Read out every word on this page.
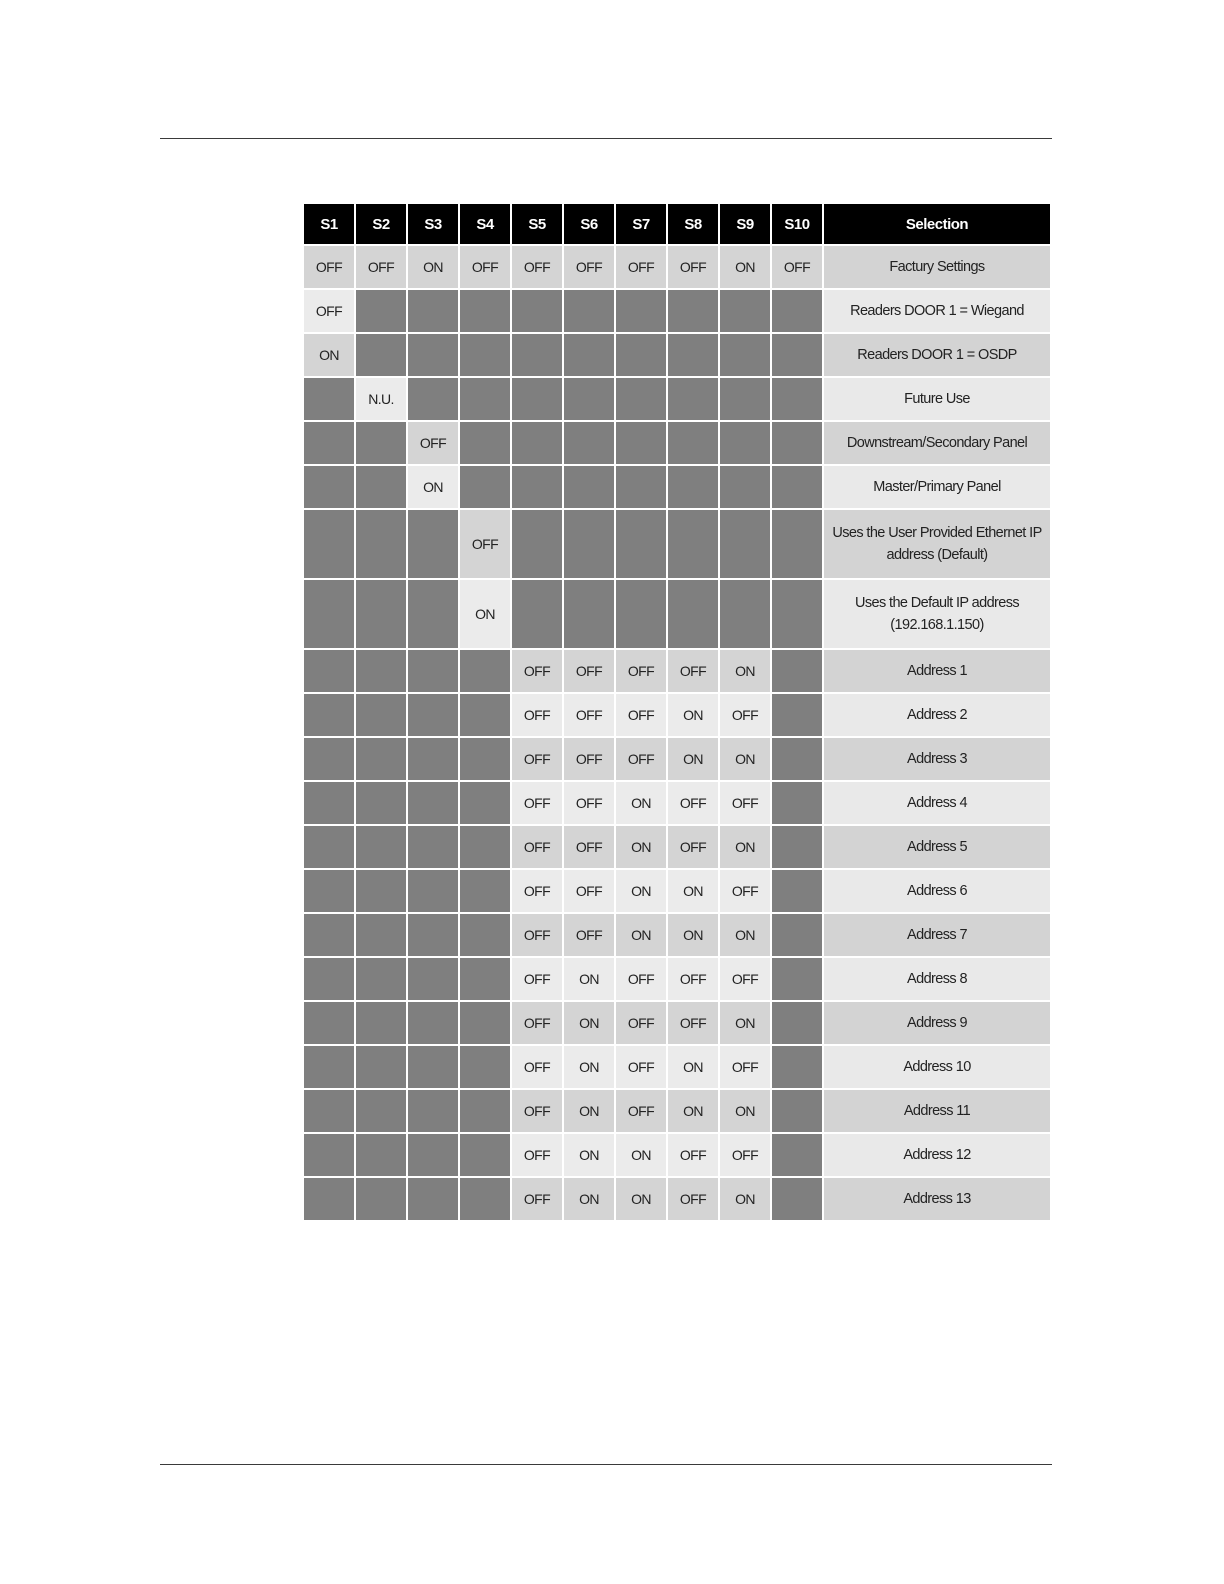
S1	S2	S3	S4	S5	S6	S7	S8	S9	S10	Selection
OFF	OFF	ON	OFF	OFF	OFF	OFF	OFF	ON	OFF	Factury Settings
OFF										Readers DOOR 1 = Wiegand
ON										Readers DOOR 1 = OSDP
	N.U.									Future Use
		OFF								Downstream/Secondary Panel
		ON								Master/Primary Panel
			OFF							Uses the User Provided Ethernet IP address (Default)
			ON							Uses the Default IP address (192.168.1.150)
				OFF	OFF	OFF	OFF	ON		Address 1
				OFF	OFF	OFF	ON	OFF		Address 2
				OFF	OFF	OFF	ON	ON		Address 3
				OFF	OFF	ON	OFF	OFF		Address 4
				OFF	OFF	ON	OFF	ON		Address 5
				OFF	OFF	ON	ON	OFF		Address 6
				OFF	OFF	ON	ON	ON		Address 7
				OFF	ON	OFF	OFF	OFF		Address 8
				OFF	ON	OFF	OFF	ON		Address 9
				OFF	ON	OFF	ON	OFF		Address 10
				OFF	ON	OFF	ON	ON		Address 11
				OFF	ON	ON	OFF	OFF		Address 12
				OFF	ON	ON	OFF	ON		Address 13
